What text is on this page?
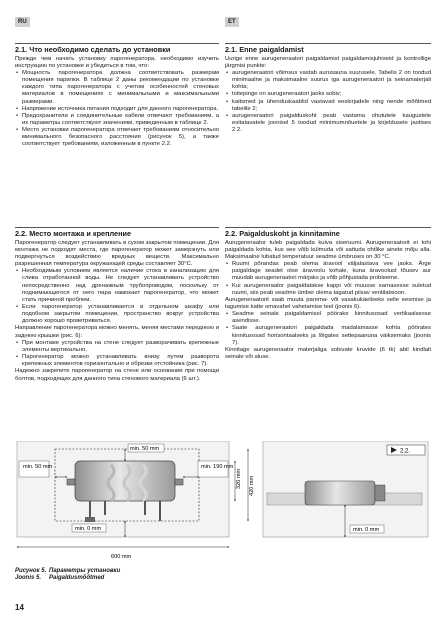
RU	ET
2.1. Что необходимо сделать до установки
Прежде чем начать установку парогенератора, необходимо изучить инструкцию по установке и убедиться в том, что:
• Мощность парогенератора должна соответствовать размерам помещения парилки. В таблице 2 даны рекомендации по установке каждого типа парогенератора с учетом особенностей стеновых материалов в помещениях с минимальными и максимальными размерами.
• Напряжение источника питания подходит для данного парогенератора.
• Предохранители и соединительные кабели отвечают требованиям, а их параметры соответствуют значениям, приведенным в таблице 2.
• Место установки парогенератора отвечает требованиям относительно минимального безопасного расстояния (рисунок 5), а также соответствует требованиям, изложенным в пункте 2.2.
2.1. Enne paigaldamist
Uurige enne aurugeneraatori paigaldamist paigaldamisjuhiseid ja kontrollige järgmisi punkte:
• aurugeneraatori võimsus vastab aurusauna suurusele. Tabelis 2 on toodud minimaalne ja maksimaalne suurus iga aurugeneraatori ja seinamaterjali kohta;
• toitepinge on aurugeneraatori jaoks sobiv;
• kaitsmed ja ühenduskaablid vastavad eeskirjadele ning nende mõõtmed tabelile 2;
• aurugeneraatori paigalduskoht peab vastama ohututele kaugustele esitatavatele joonisel 5 toodud miinimumnõuetele ja kirjelduseie jaotises 2.2.
2.2. Место монтажа и крепление
Парогенератор следует устанавливать в сухом закрытом помещении. Для монтажа не подходят места, где парогенератор может замерзнуть или подвергнуться воздействию вредных веществ. Максимально разрешенная температура окружающей среды составляет 30°C.
• Необходимым условием является наличие стока в канализацию для слива отработанной воды. Не следует устанавливать устройство непосредственно над дренажным трубопроводом, поскольку от поднимающегося от него пара намокает парогенератор, что может стать причиной проблем.
• Если парогенератор устанавливается в отдельном шкафу или подобном закрытом помещении, пространство вокруг устройства должно хорошо проветриваться.
Направление парогенератора можно менять, меняя местами переднюю и заднюю крышки (рис. 6):
• При монтаже устройства на стене следует разворачивать крепежные элементы вертикально.
• Парогенератор можно устанавливать внизу путем разворота крепежных элементов горизонтально и обрезки отстойника (рис. 7).
Надежно закрепите парогенератор на стене или основании при помощи болтов, подходящих для данного типа стенового материала (6 шт.).
2.2. Paigalduskoht ja kinnitamine
Aurugeneraator tuleb paigaldada kuiva siseruumi. Aurugeneraatorit ei tohi paigaldada kohta, kus see võib külmuda või sattuda ohtlike ainete mõju alla. Maksimaalne lubatud temperatuur seadme ümbruses on 30 °C.
• Ruumi põrandas peab olema äravool väljalastava vee jaoks. Ärge paigaldage seadet otse äravoolu kohale, kuna äravoolust tõusev aur muudab aurugeneraatori märjaks ja võib põhjustada probleeme.
• Kui aurugeneraator paigaldatakse kappi või muusse sarnasesse suletud ruumi, siis peab seadme ümber olema tagatud piisav ventilatsioon.
Aurugeneraatorit saab muuta parema- või vasakukäeliseks selle eesmise ja tagumise katte omavahel vahetamise teel (joonis 6).
• Seadme seinale paigaldamisel pöörake kinnitusosad vertikaalsesse asendisse.
• Saate aurugeneraatori paigaldada madalamasse kohta pöörates kinnitusosad horisontaalseks ja lõigates settepaanuna väiksemaks (joonis 7).
Kinnitage aurugeneraator materjaliga sobivate kruvide (6 tk) abil kindlalt seinale või aluse.
min. 50 mm
min. 50 mm	min. 190 mm
min. 0 mm
600 mm
320 mm 420 mm
min. 0 mm
2.2.
Рисунок 5. Параметры установки
Joonis 5. Paigaldusmõõtmed
14
